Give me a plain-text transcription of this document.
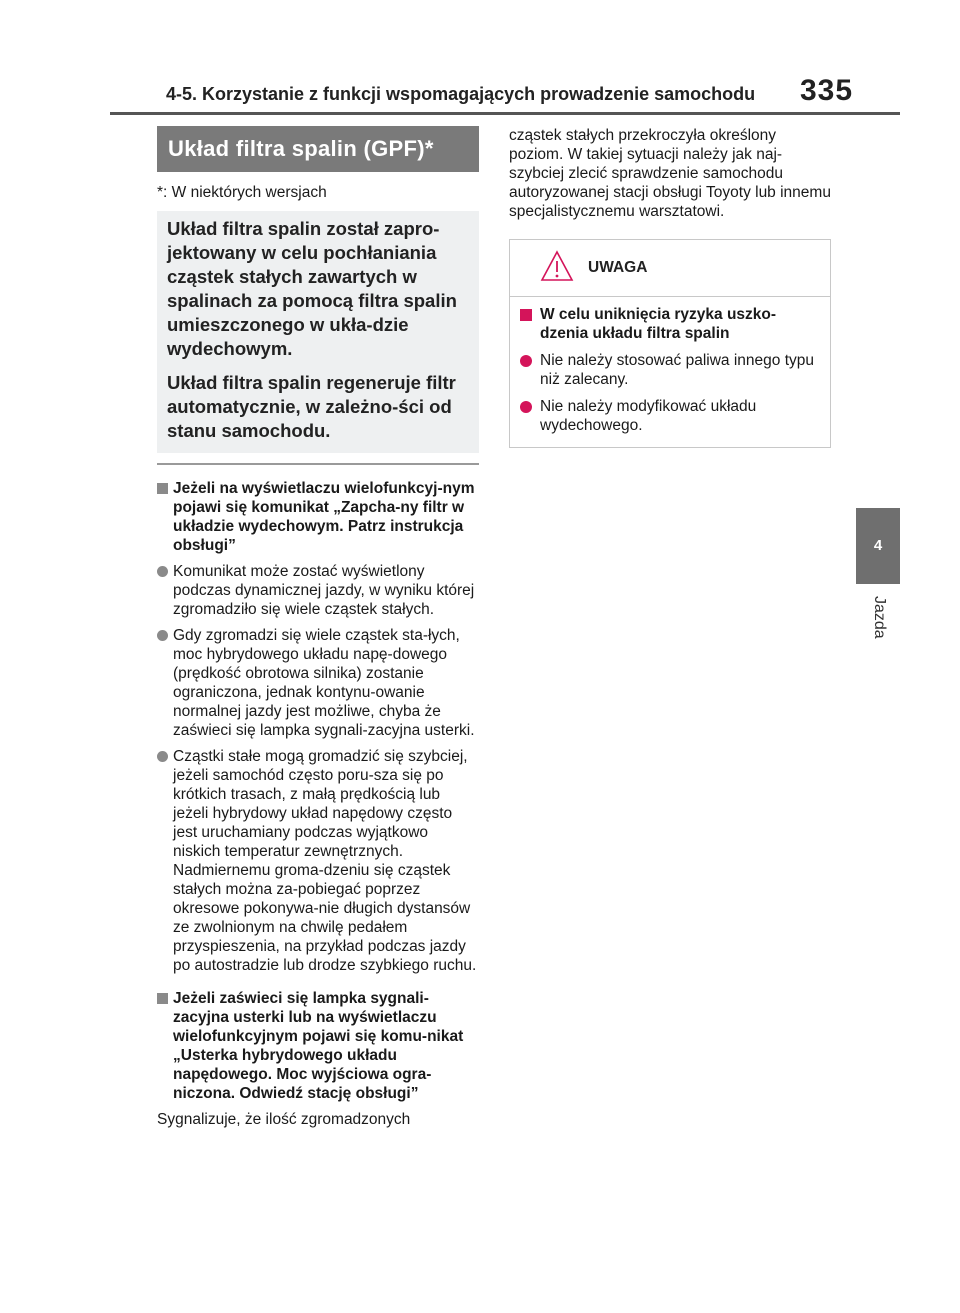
4-5. Korzystanie z funkcji wspomagających prowadzenie samochodu	335
4
Jazda
Układ filtra spalin (GPF)*

*: W niektórych wersjach

Układ filtra spalin został zapro-jektowany w celu pochłaniania cząstek stałych zawartych w spalinach za pomocą filtra spalin umieszczonego w ukła-dzie wydechowym.

Układ filtra spalin regeneruje filtr automatycznie, w zależno-ści od stanu samochodu.

Jeżeli na wyświetlaczu wielofunkcyj-nym pojawi się komunikat „Zapcha-ny filtr w układzie wydechowym. Patrz instrukcja obsługi”
Komunikat może zostać wyświetlony podczas dynamicznej jazdy, w wyniku której zgromadziło się wiele cząstek stałych.
Gdy zgromadzi się wiele cząstek sta-łych, moc hybrydowego układu napę-dowego (prędkość obrotowa silnika) zostanie ograniczona, jednak kontynu-owanie normalnej jazdy jest możliwe, chyba że zaświeci się lampka sygnali-zacyjna usterki.
Cząstki stałe mogą gromadzić się szybciej, jeżeli samochód często poru-sza się po krótkich trasach, z małą prędkością lub jeżeli hybrydowy układ napędowy często jest uruchamiany podczas wyjątkowo niskich temperatur zewnętrznych. Nadmiernemu groma-dzeniu się cząstek stałych można za-pobiegać poprzez okresowe pokonywa-nie długich dystansów ze zwolnionym na chwilę pedałem przyspieszenia, na przykład podczas jazdy po autostradzie lub drodze szybkiego ruchu.
Jeżeli zaświeci się lampka sygnali-zacyjna usterki lub na wyświetlaczu wielofunkcyjnym pojawi się komu-nikat „Usterka hybrydowego układu napędowego. Moc wyjściowa ogra-niczona. Odwiedź stację obsługi”
Sygnalizuje, że ilość zgromadzonych

cząstek stałych przekroczyła określony poziom. W takiej sytuacji należy jak naj-szybciej zlecić sprawdzenie samochodu autoryzowanej stacji obsługi Toyoty lub innemu specjalistycznemu warsztatowi.

UWAGA
W celu uniknięcia ryzyka uszko-dzenia układu filtra spalin
Nie należy stosować paliwa innego typu niż zalecany.
Nie należy modyfikować układu wydechowego.
